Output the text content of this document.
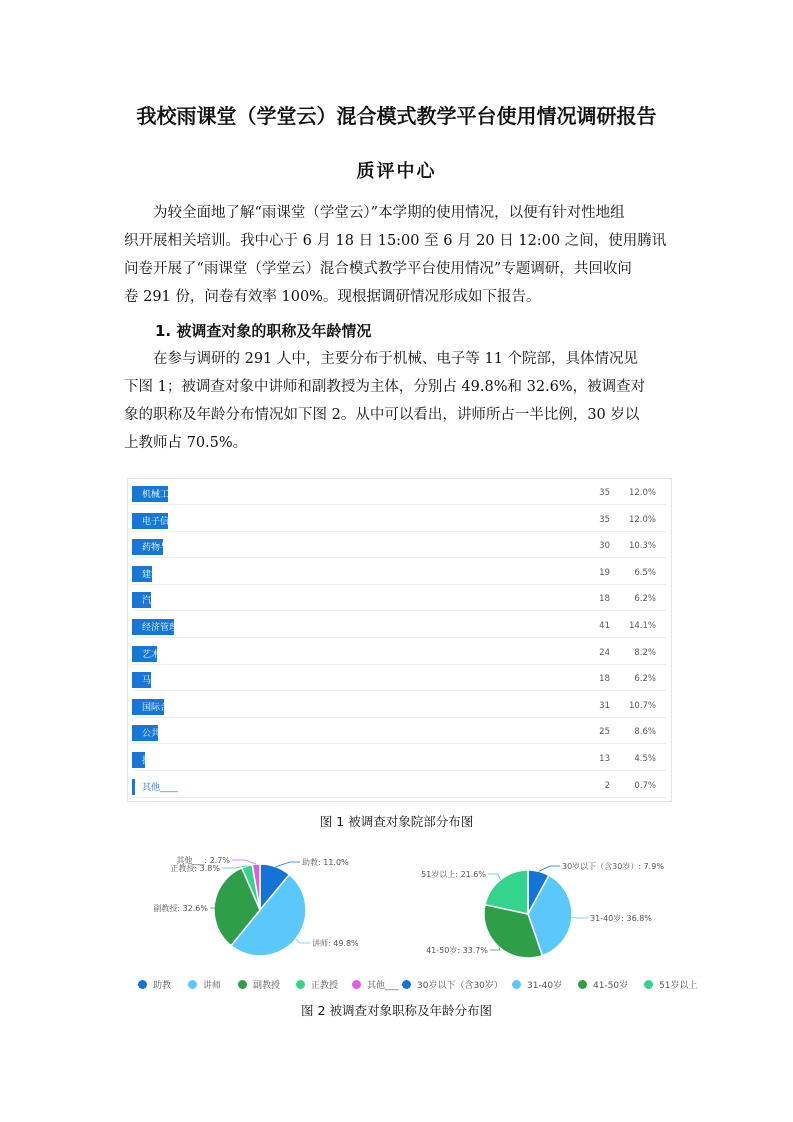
我校雨课堂（学堂云）混合模式教学平台使用情况调研报告
质评中心

为较全面地了解“雨课堂（学堂云）”本学期的使用情况，以便有针对性地组
织开展相关培训。我中心于 6 月 18 日 15:00 至 6 月 20 日 12:00 之间，使用腾讯
问卷开展了“雨课堂（学堂云）混合模式教学平台使用情况”专题调研，共回收问
卷 291 份，问卷有效率 100%。现根据调研情况形成如下报告。

1. 被调查对象的职称及年龄情况

在参与调研的 291 人中，主要分布于机械、电子等 11 个院部，具体情况见
下图 1；被调查对象中讲师和副教授为主体，分别占 49.8%和 32.6%，被调查对
象的职称及年龄分布情况如下图 2。从中可以看出，讲师所占一半比例，30 岁以
上教师占 70.5%。

机械工程学院	35	12.0%
电子信息工程学院	35	12.0%
药物与环境工程学院	30	10.3%
建筑工程学院	19	6.5%
汽车与交通工程学院	18	6.2%
经济管理学院	41	14.1%
艺术设计学院	24	8.2%
马克思主义学院	18	6.2%
国际合作教育学院	31	10.7%
公共教学部	25	8.6%
技师学院	13	4.5%
其他____	2	0.7%
图 1 被调查对象院部分布图
助教: 11.0%
讲师: 49.8%
副教授: 32.6%
正教授: 3.8%
其他___: 2.7%
30岁以下（含30岁）: 7.9%
31-40岁: 36.8%
41-50岁: 33.7%
51岁以上: 21.6%
助教	讲师	副教授	正教授	其他___	30岁以下（含30岁）	31-40岁	41-50岁	51岁以上
图 2 被调查对象职称及年龄分布图
